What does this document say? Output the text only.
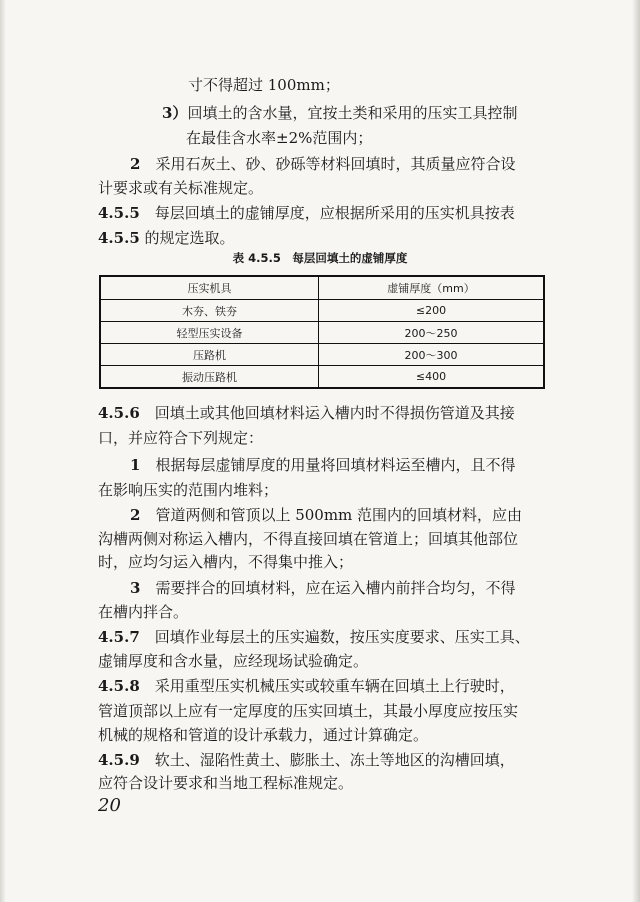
寸不得超过 100mm；
3）回填土的含水量，宜按土类和采用的压实工具控制
在最佳含水率±2%范围内；
2　采用石灰土、砂、砂砾等材料回填时，其质量应符合设
计要求或有关标准规定。
4.5.5　每层回填土的虚铺厚度，应根据所采用的压实机具按表
4.5.5 的规定选取。
表 4.5.5　每层回填土的虚铺厚度
压实机具	虚铺厚度（mm）
木夯、铁夯	≤200
轻型压实设备	200～250
压路机	200～300
振动压路机	≤400
4.5.6　回填土或其他回填材料运入槽内时不得损伤管道及其接
口，并应符合下列规定：
1　根据每层虚铺厚度的用量将回填材料运至槽内，且不得
在影响压实的范围内堆料；
2　管道两侧和管顶以上 500mm 范围内的回填材料，应由
沟槽两侧对称运入槽内，不得直接回填在管道上；回填其他部位
时，应均匀运入槽内，不得集中推入；
3　需要拌合的回填材料，应在运入槽内前拌合均匀，不得
在槽内拌合。
4.5.7　回填作业每层土的压实遍数，按压实度要求、压实工具、
虚铺厚度和含水量，应经现场试验确定。
4.5.8　采用重型压实机械压实或较重车辆在回填土上行驶时，
管道顶部以上应有一定厚度的压实回填土，其最小厚度应按压实
机械的规格和管道的设计承载力，通过计算确定。
4.5.9　软土、湿陷性黄土、膨胀土、冻土等地区的沟槽回填，
应符合设计要求和当地工程标准规定。
20
